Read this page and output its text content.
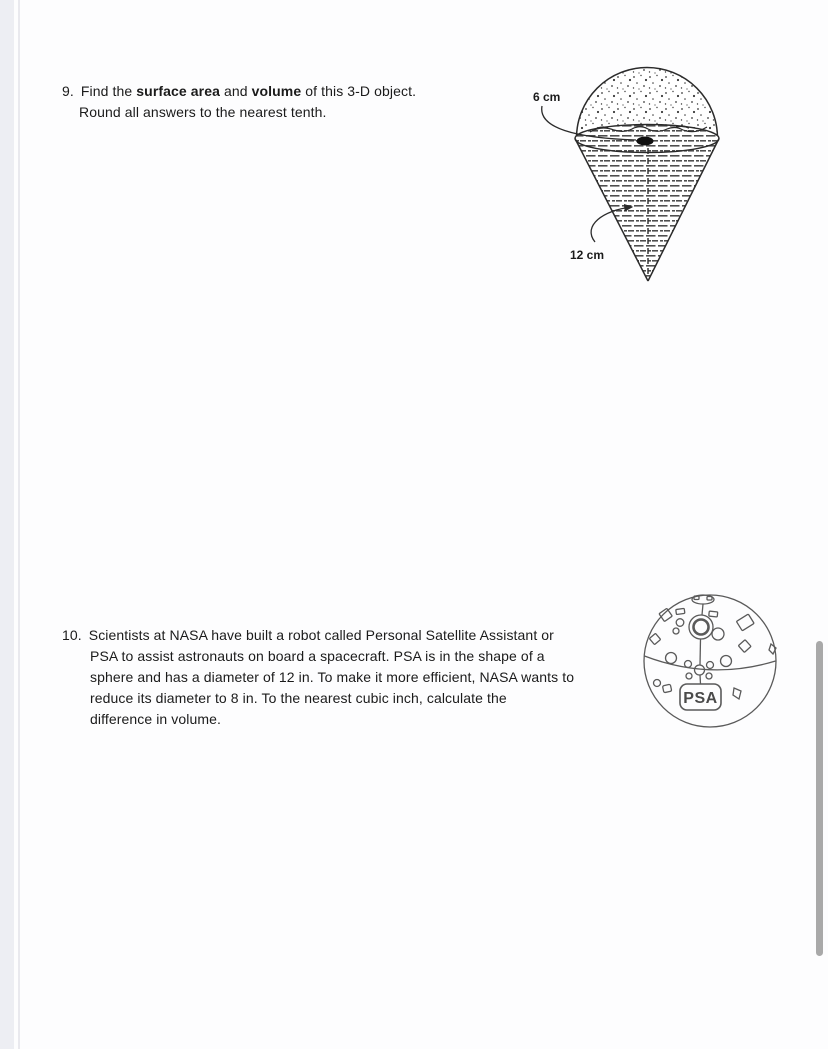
9. Find the surface area and volume of this 3-D object.
Round all answers to the nearest tenth.
6 cm
12 cm
10. Scientists at NASA have built a robot called Personal Satellite Assistant or
PSA to assist astronauts on board a spacecraft. PSA is in the shape of a
sphere and has a diameter of 12 in. To make it more efficient, NASA wants to
reduce its diameter to 8 in. To the nearest cubic inch, calculate the
difference in volume.
PSA
